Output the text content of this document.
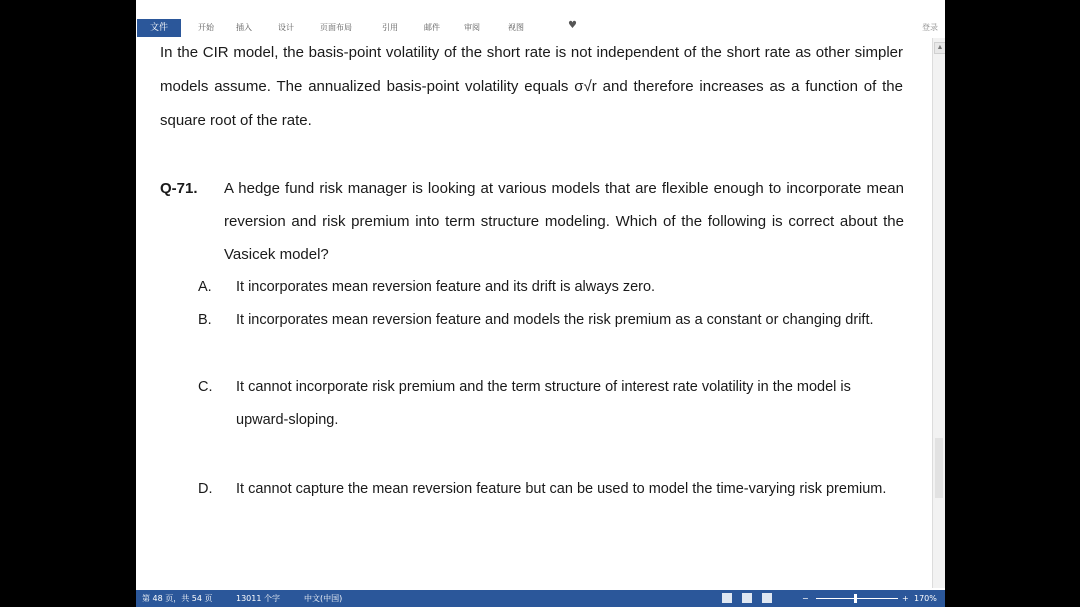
文件	开始	插入	设计	页面布局	引用	邮件	审阅	视图	♥
▲
登录

In the CIR model, the basis-point volatility of the short rate is not independent of the short rate as other simpler models assume. The annualized basis-point volatility equals σ√r and therefore increases as a function of the square root of the rate.

Q-71. A hedge fund risk manager is looking at various models that are flexible enough to incorporate mean reversion and risk premium into term structure modeling. Which of the following is correct about the Vasicek model?
A. It incorporates mean reversion feature and its drift is always zero.
B. It incorporates mean reversion feature and models the risk premium as a constant or changing drift.
C. It cannot incorporate risk premium and the term structure of interest rate volatility in the model is upward-sloping.
D. It cannot capture the mean reversion feature but can be used to model the time-varying risk premium.
第 48 页，共 54 页	13011 个字	中文(中国)	−	+ 170%
